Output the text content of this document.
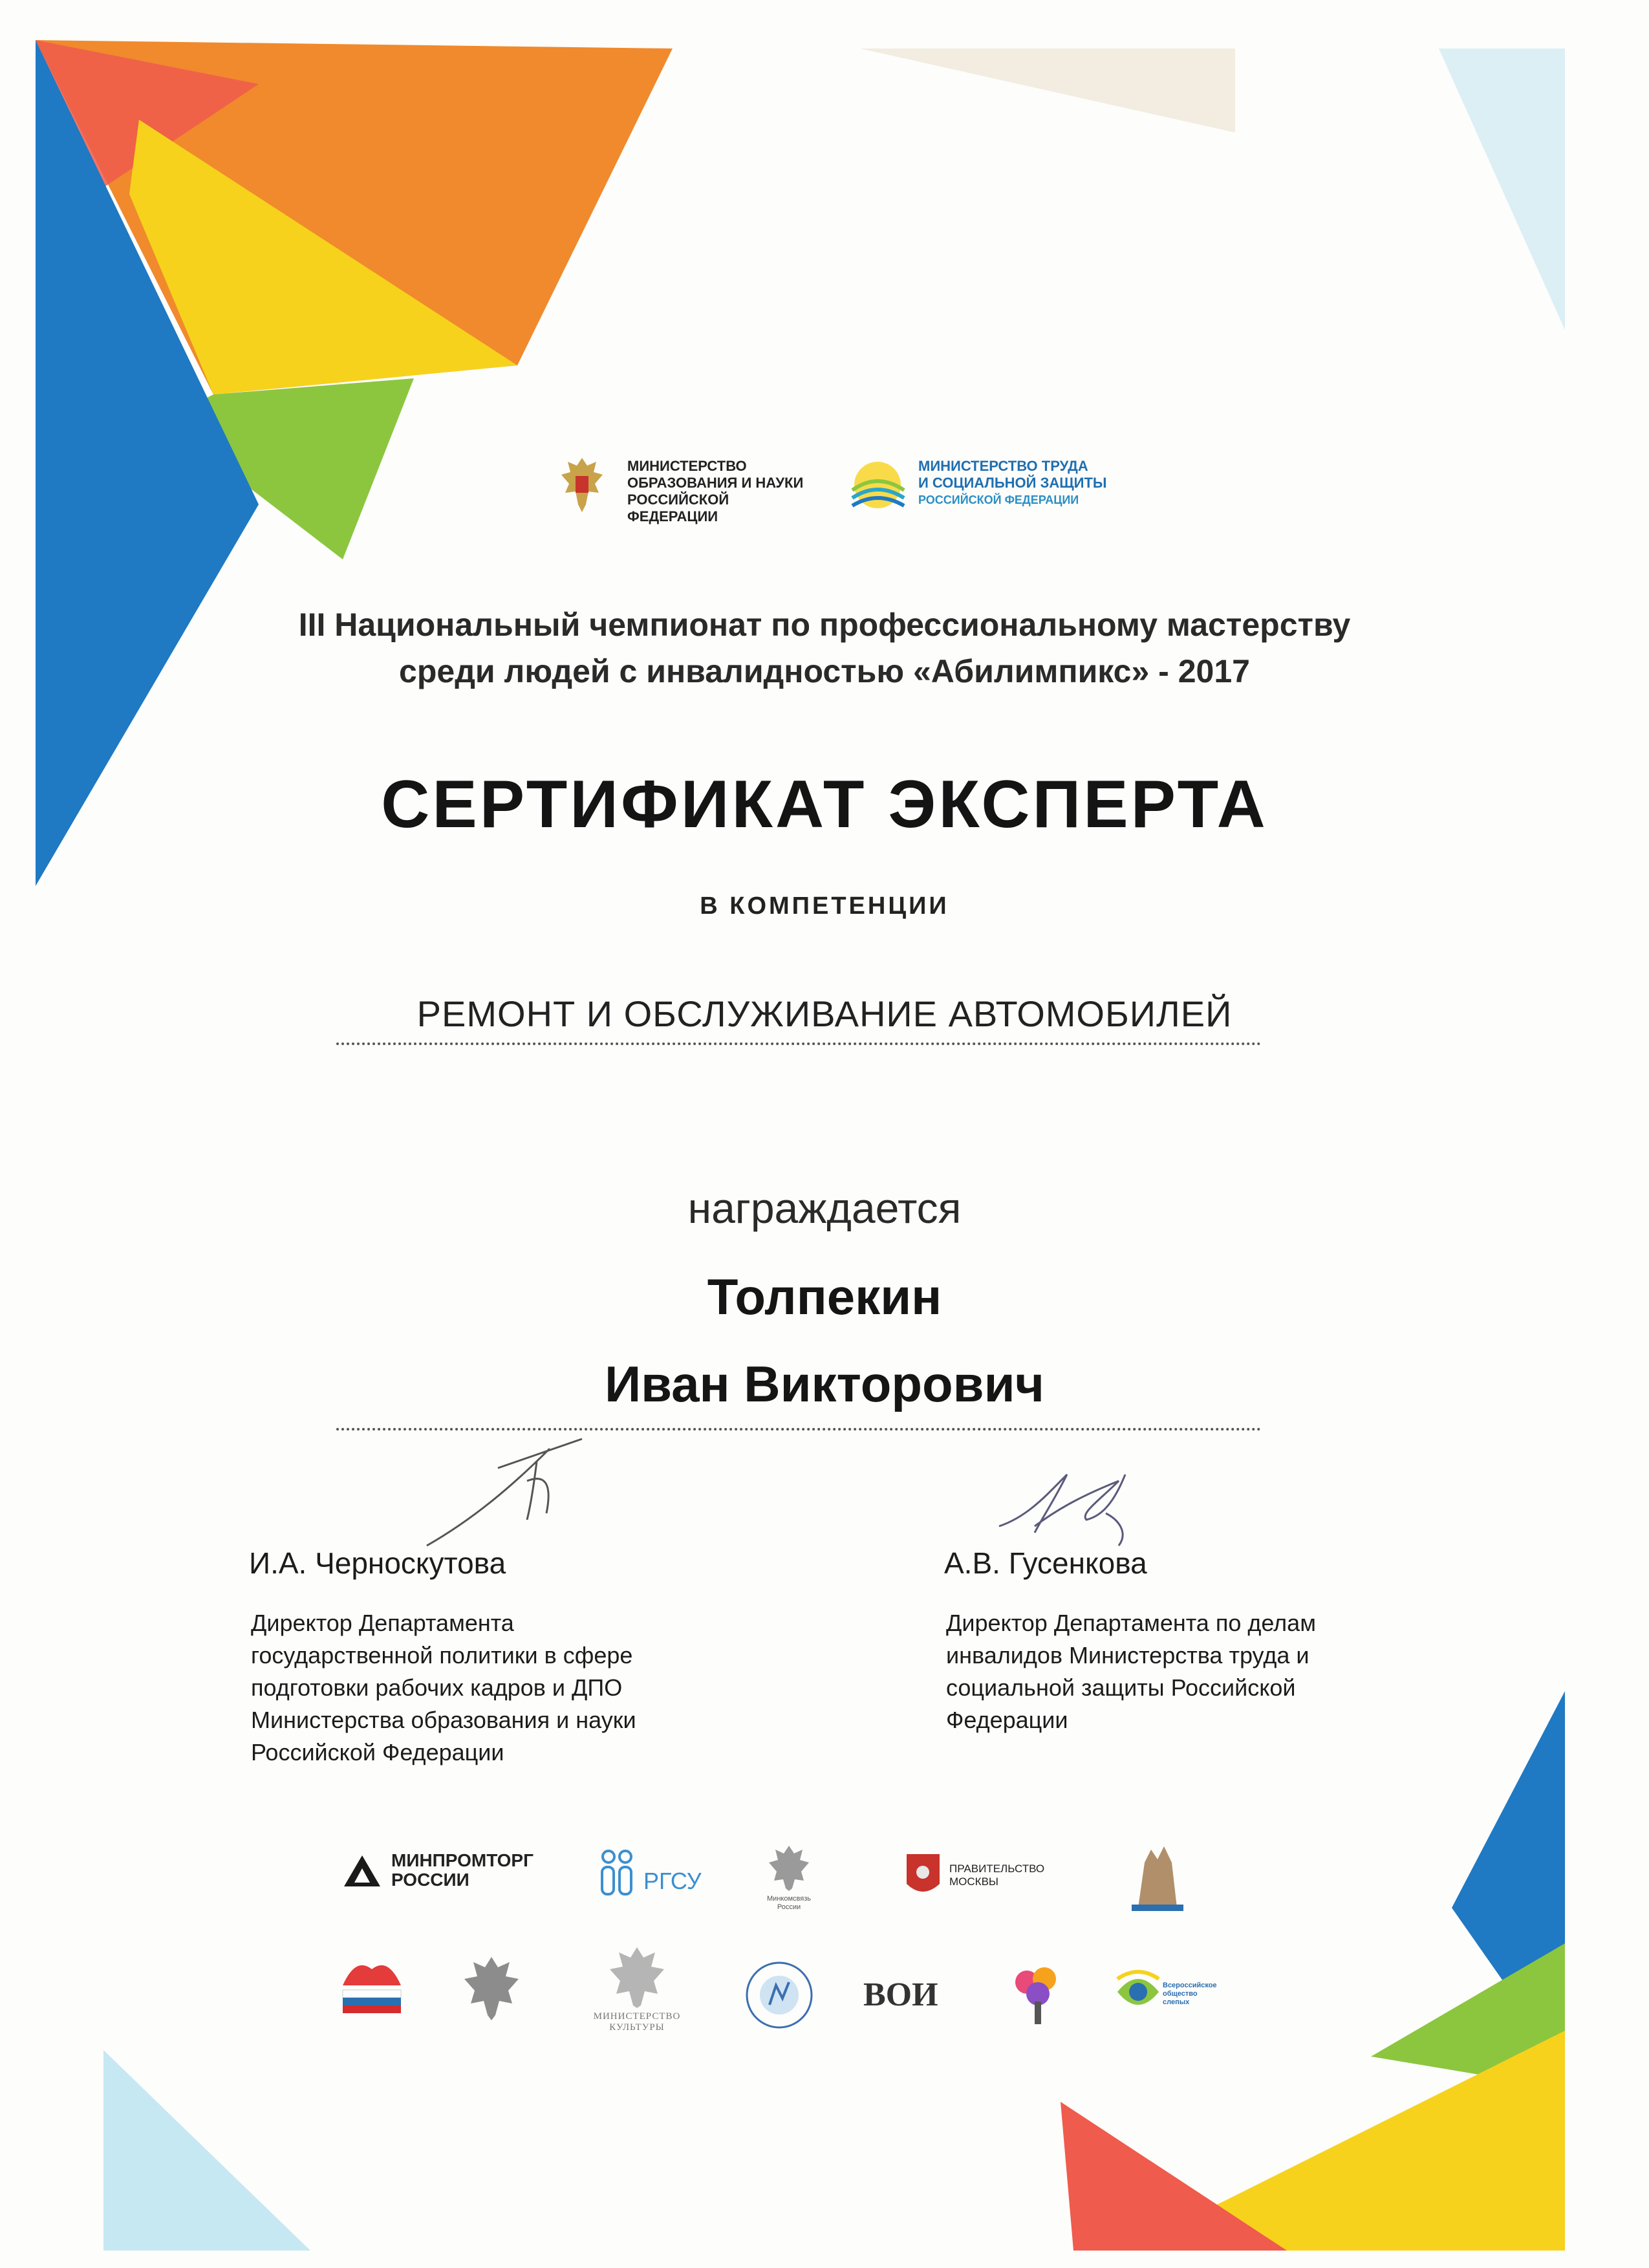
МИНИСТЕРСТВО ОБРАЗОВАНИЯ И НАУКИ РОССИЙСКОЙ ФЕДЕРАЦИИ
МИНИСТЕРСТВО ТРУДА
И СОЦИАЛЬНОЙ ЗАЩИТЫ
РОССИЙСКОЙ ФЕДЕРАЦИИ
III Национальный чемпионат по профессиональному мастерству
среди людей с инвалидностью «Абилимпикс» - 2017
СЕРТИФИКАТ ЭКСПЕРТА
В КОМПЕТЕНЦИИ
РЕМОНТ И ОБСЛУЖИВАНИЕ АВТОМОБИЛЕЙ
награждается
Толпекин
Иван Викторович
И.А. Черноскутова
Директор Департамента
государственной политики в сфере
подготовки рабочих кадров и ДПО
Министерства образования и науки
Российской Федерации
А.В. Гусенкова
Директор Департамента по делам
инвалидов Министерства труда и
социальной защиты Российской
Федерации
МИНПРОМТОРГ
РОССИИ	РГСУ
Минкомсвязь России
ПРАВИТЕЛЬСТВО
МОСКВЫ
МИНИСТЕРСТВО КУЛЬТУРЫ
ВОИ	Всероссийское общество слепых
